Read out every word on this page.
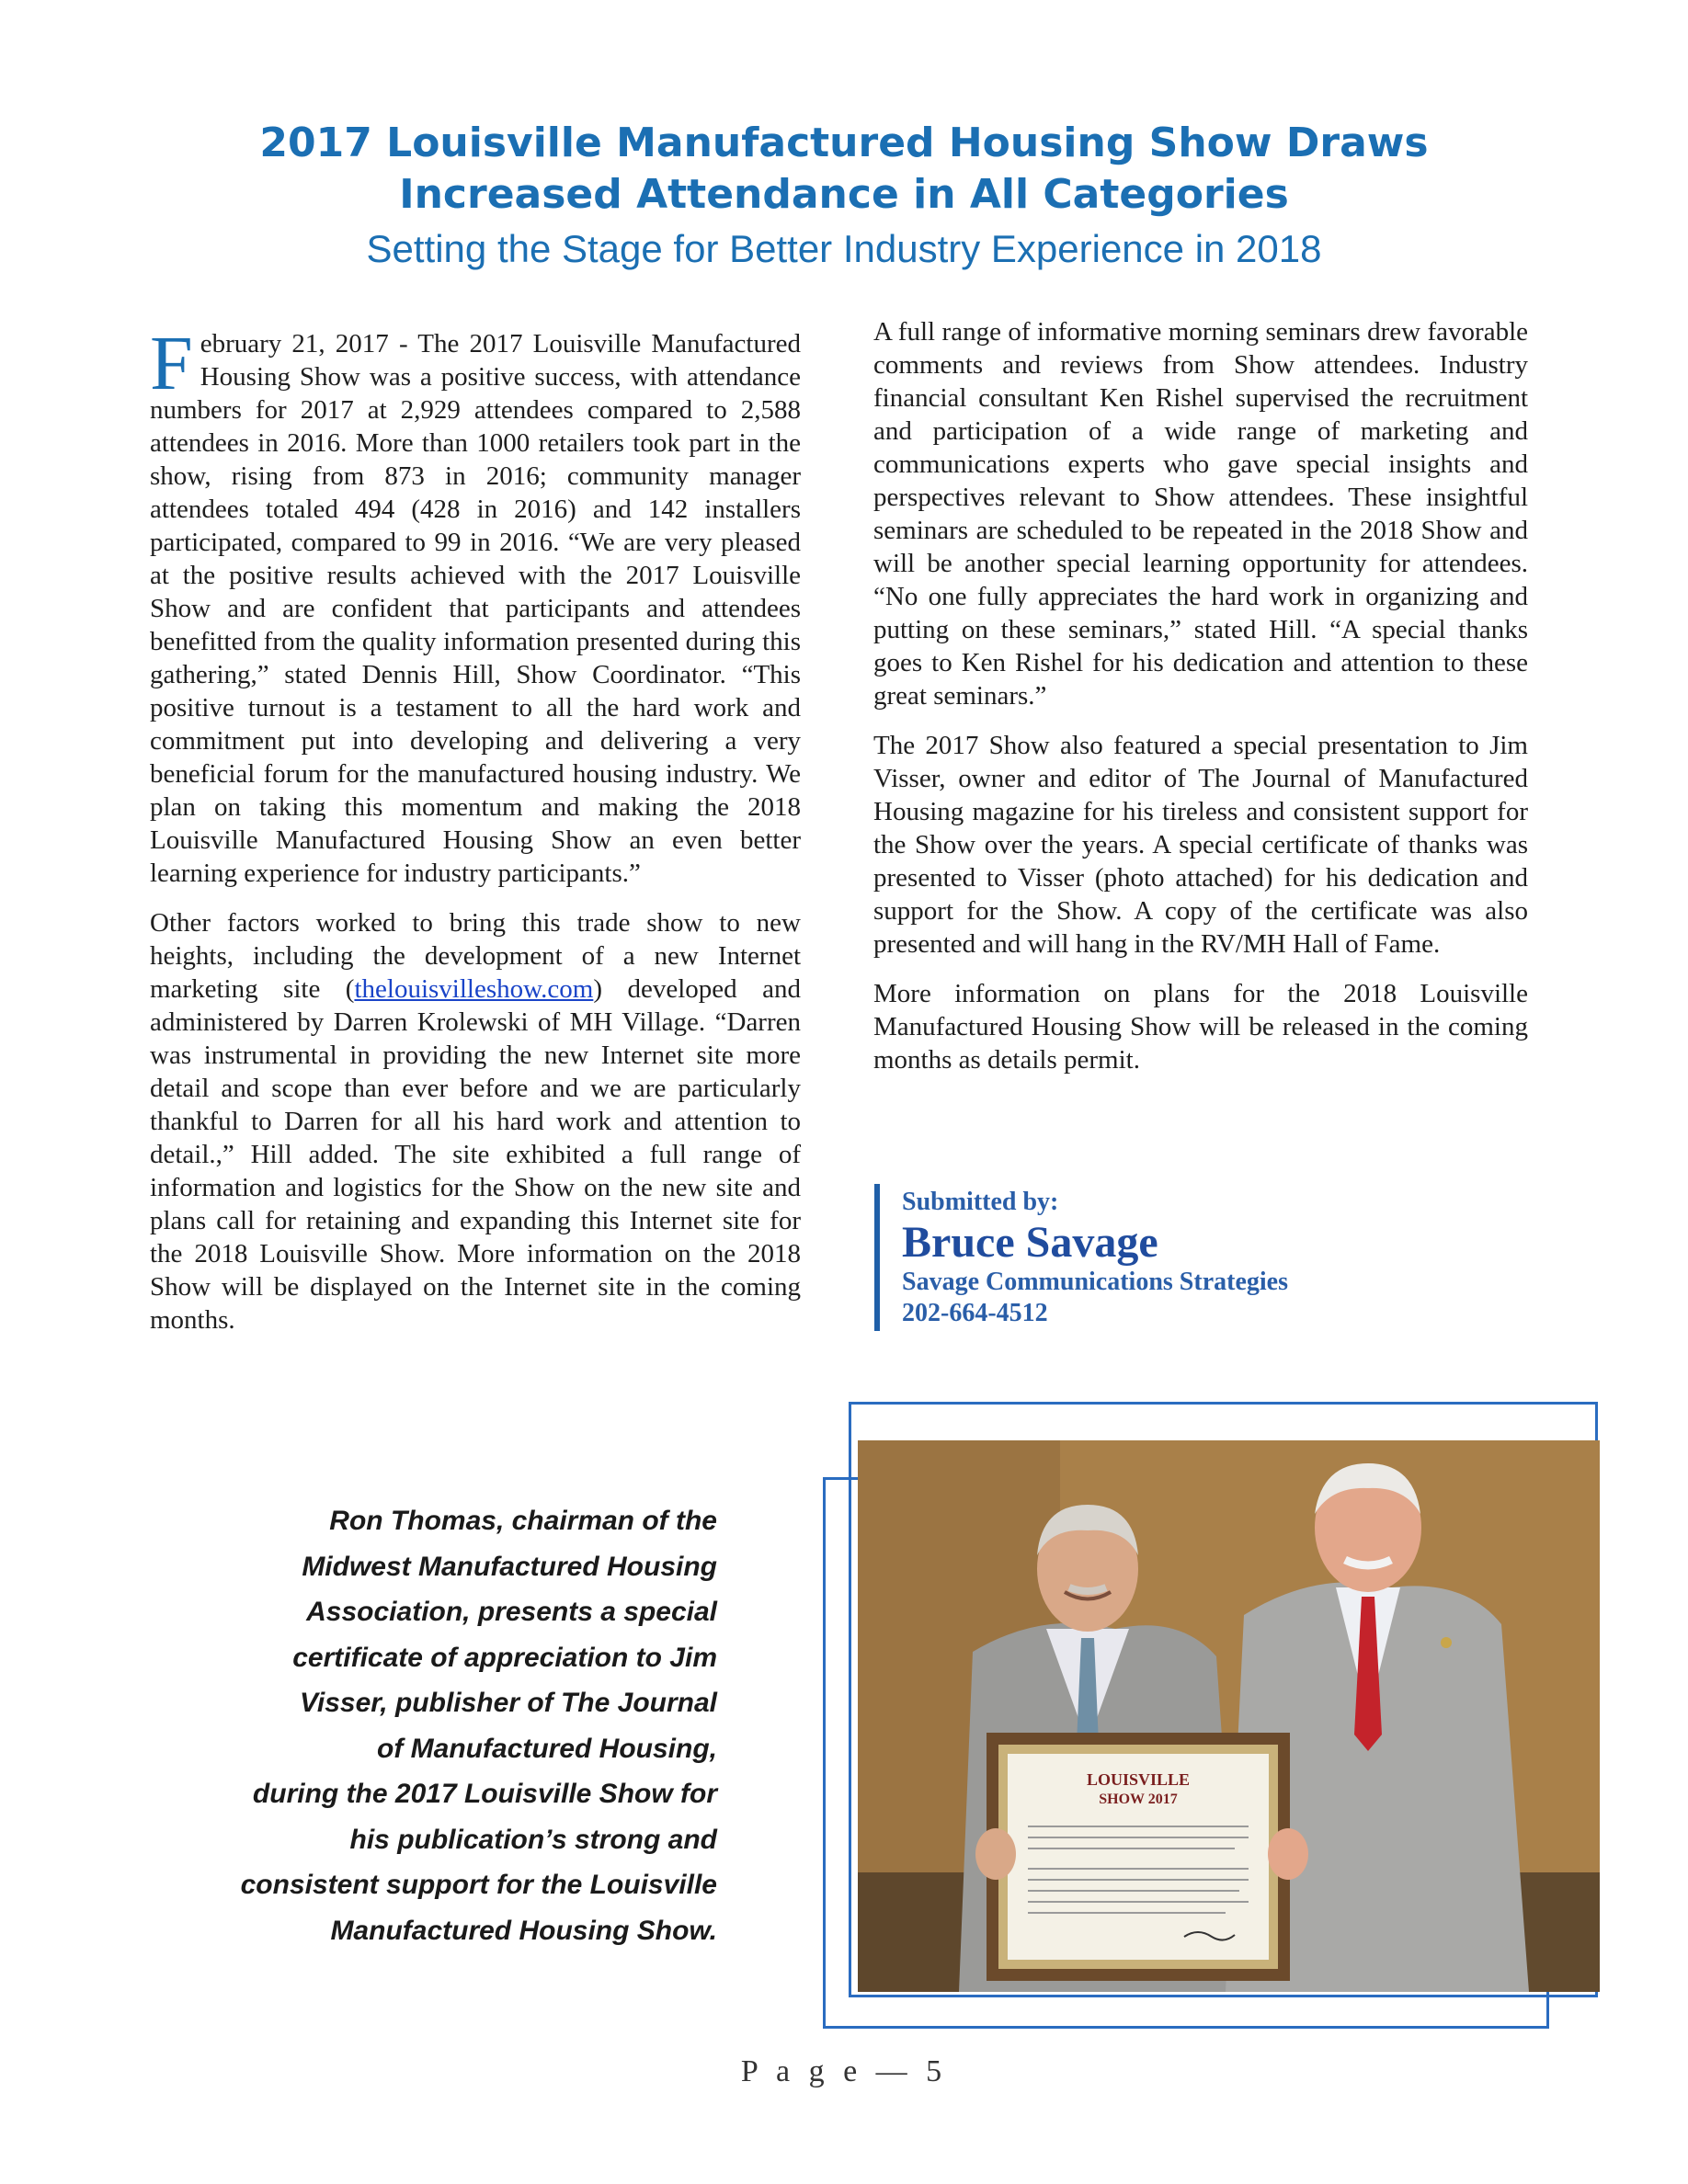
2017 Louisville Manufactured Housing Show Draws
Increased Attendance in All Categories
Setting the Stage for Better Industry Experience in 2018

February 21, 2017 - The 2017 Louisville Manufactured Housing Show was a positive success, with attendance numbers for 2017 at 2,929 attendees compared to 2,588 attendees in 2016. More than 1000 retailers took part in the show, rising from 873 in 2016; community manager attendees totaled 494 (428 in 2016) and 142 installers participated, compared to 99 in 2016. “We are very pleased at the positive results achieved with the 2017 Louisville Show and are confident that participants and attendees benefitted from the quality information presented during this gathering,” stated Dennis Hill, Show Coordinator. “This positive turnout is a testament to all the hard work and commitment put into developing and delivering a very beneficial forum for the manufactured housing industry. We plan on taking this momentum and making the 2018 Louisville Manufactured Housing Show an even better learning experience for industry participants.”

Other factors worked to bring this trade show to new heights, including the development of a new Internet marketing site (thelouisvilleshow.com) developed and administered by Darren Krolewski of MH Village. “Darren was instrumental in providing the new Internet site more detail and scope than ever before and we are particularly thankful to Darren for all his hard work and attention to detail.,” Hill added. The site exhibited a full range of information and logistics for the Show on the new site and plans call for retaining and expanding this Internet site for the 2018 Louisville Show. More information on the 2018 Show will be displayed on the Internet site in the coming months.

A full range of informative morning seminars drew favorable comments and reviews from Show attendees. Industry financial consultant Ken Rishel supervised the recruitment and participation of a wide range of marketing and communications experts who gave special insights and perspectives relevant to Show attendees. These insightful seminars are scheduled to be repeated in the 2018 Show and will be another special learning opportunity for attendees. “No one fully appreciates the hard work in organizing and putting on these seminars,” stated Hill. “A special thanks goes to Ken Rishel for his dedication and attention to these great seminars.”

The 2017 Show also featured a special presentation to Jim Visser, owner and editor of The Journal of Manufactured Housing magazine for his tireless and consistent support for the Show over the years. A special certificate of thanks was presented to Visser (photo attached) for his dedication and support for the Show. A copy of the certificate was also presented and will hang in the RV/MH Hall of Fame.

More information on plans for the 2018 Louisville Manufactured Housing Show will be released in the coming months as details permit.

Submitted by:
Bruce Savage
Savage Communications Strategies
202-664-4512
Ron Thomas, chairman of the
Midwest Manufactured Housing
Association, presents a special
certificate of appreciation to Jim
Visser, publisher of The Journal
of Manufactured Housing,
during the 2017 Louisville Show for
his publication’s strong and
consistent support for the Louisville
Manufactured Housing Show.
LOUISVILLE
SHOW 2017
P a g e — 5
